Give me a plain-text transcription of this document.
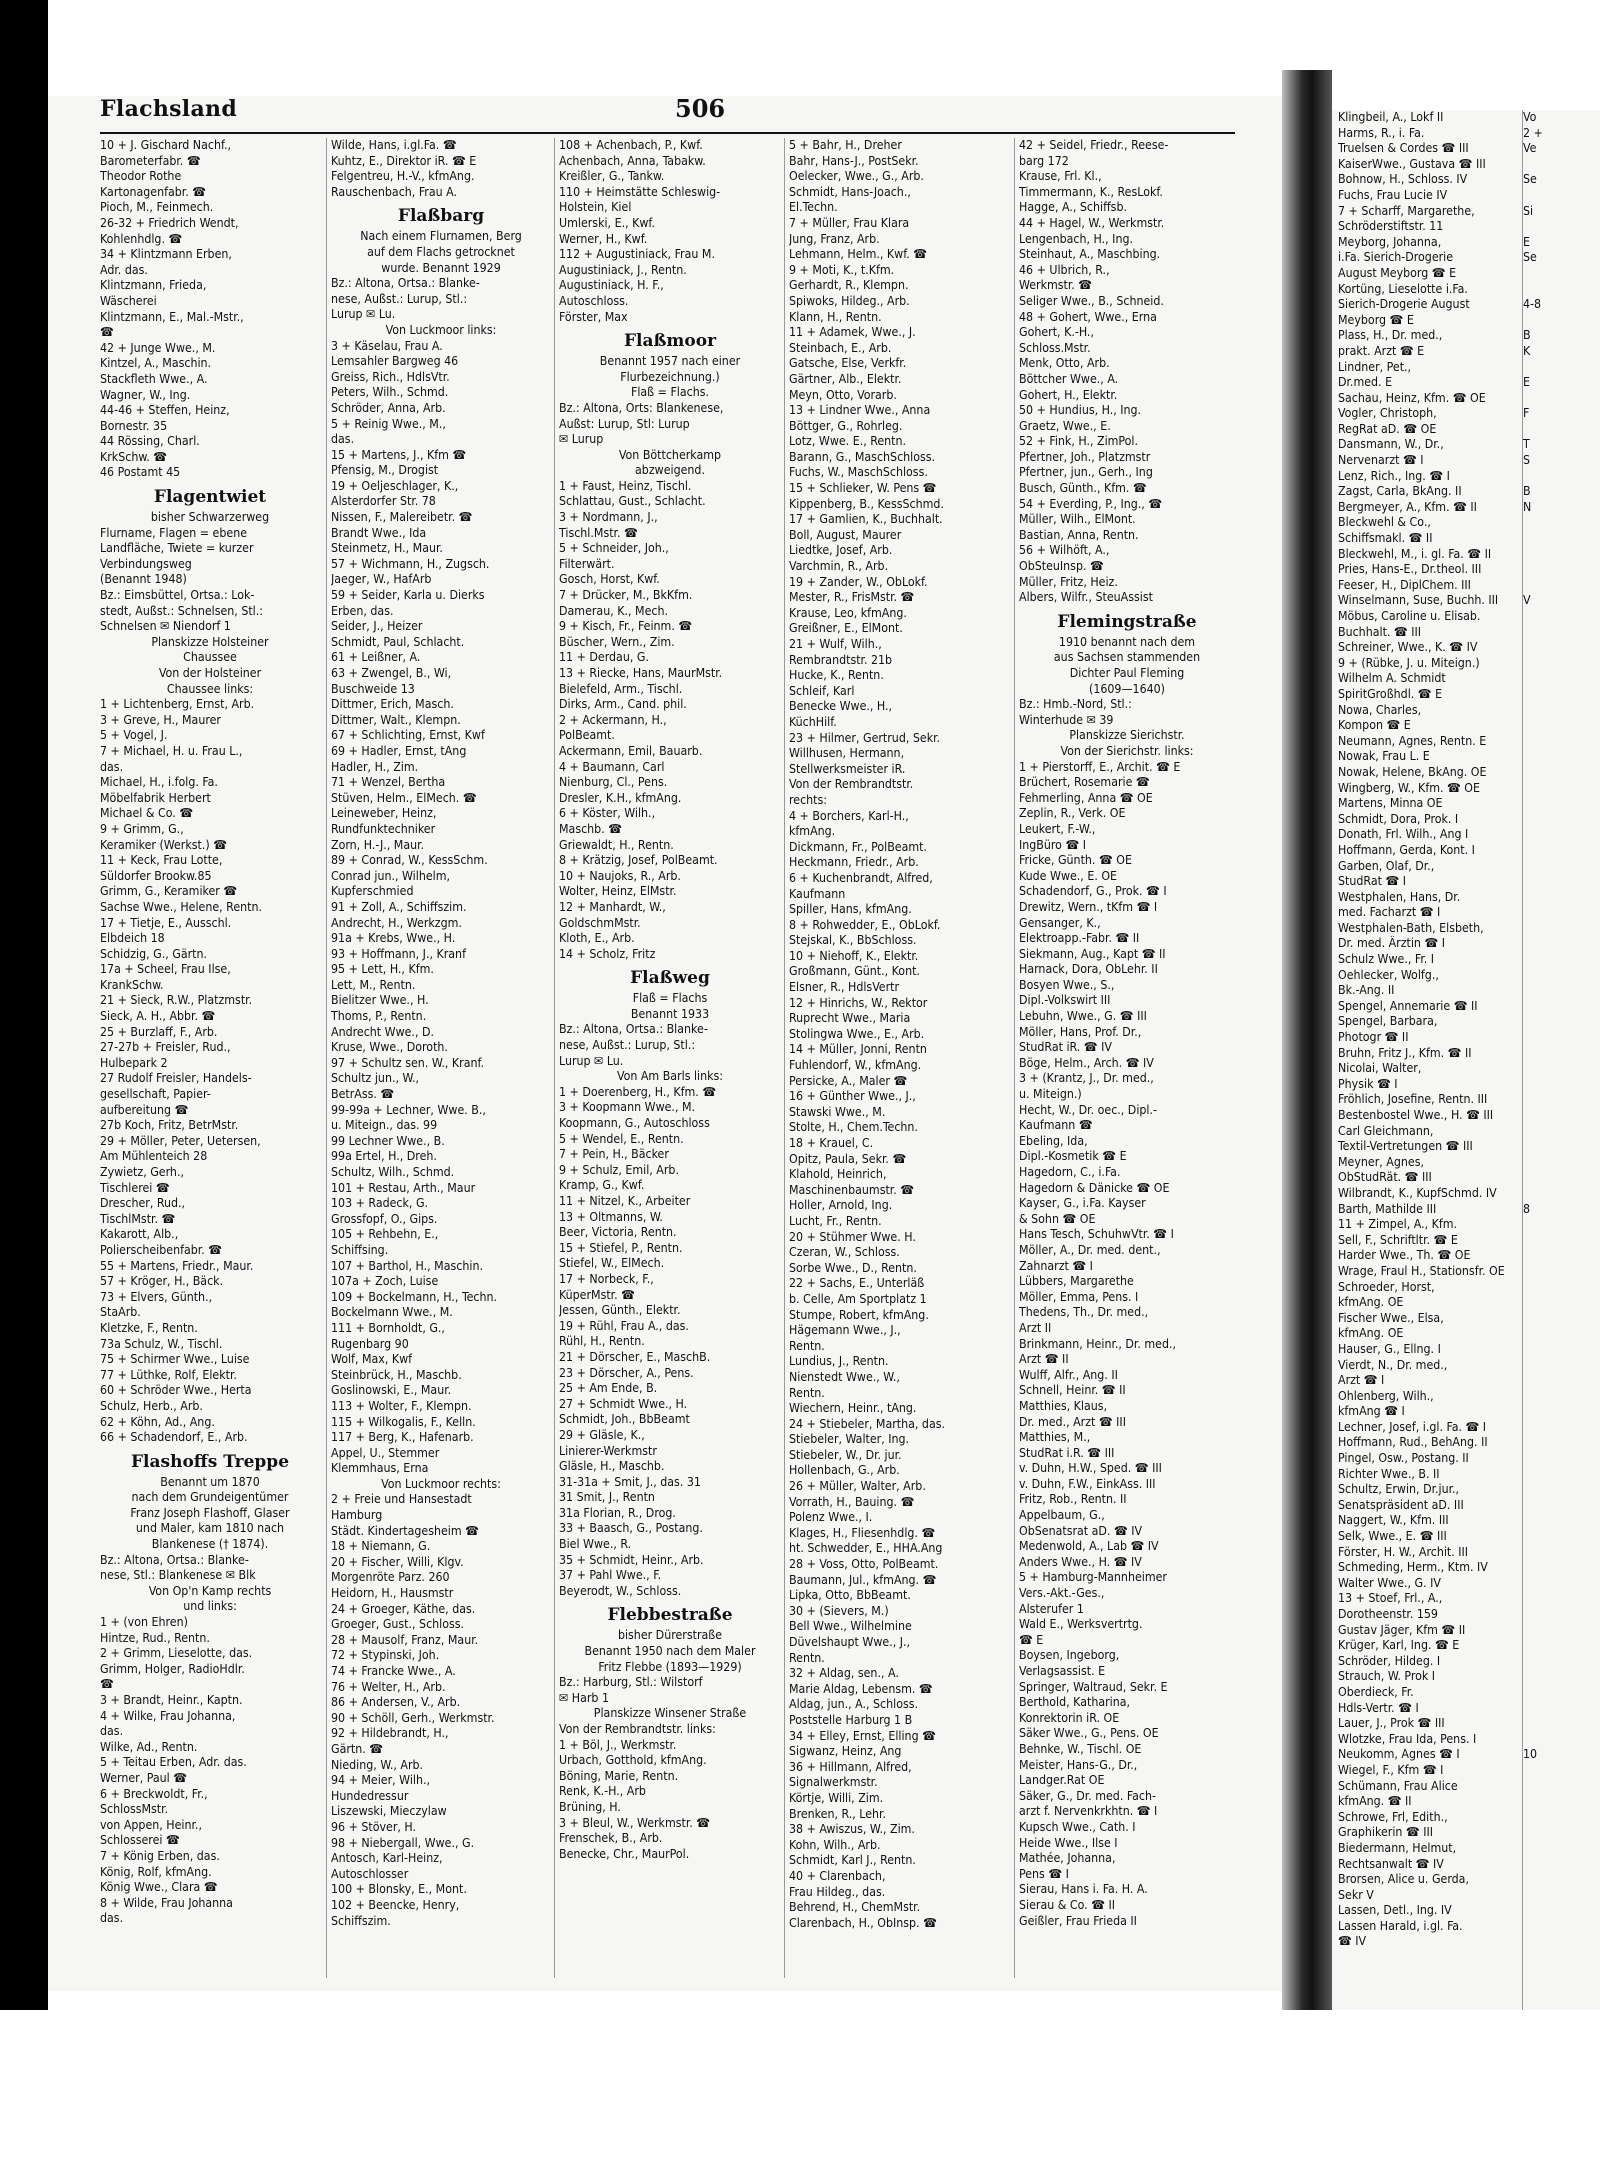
Klingbeil, A., Lokf II
Harms, R., i. Fa.
Truelsen & Cordes ☎ III
KaiserWwe., Gustava ☎ III
Bohnow, H., Schloss. IV
Fuchs, Frau Lucie IV
7 + Scharff, Margarethe,
Schröderstiftstr. 11
Meyborg, Johanna,
i.Fa. Sierich-Drogerie
August Meyborg ☎ E
Kortüng, Lieselotte i.Fa.
Sierich-Drogerie August
Meyborg ☎ E
Plass, H., Dr. med.,
prakt. Arzt ☎ E
Lindner, Pet.,
Dr.med. E
Sachau, Heinz, Kfm. ☎ OE
Vogler, Christoph,
RegRat aD. ☎ OE
Dansmann, W., Dr.,
Nervenarzt ☎ I
Lenz, Rich., Ing. ☎ I
Zagst, Carla, BkAng. II
Bergmeyer, A., Kfm. ☎ II
Bleckwehl & Co.,
Schiffsmakl. ☎ II
Bleckwehl, M., i. gl. Fa. ☎ II
Pries, Hans-E., Dr.theol. III
Feeser, H., DiplChem. III
Winselmann, Suse, Buchh. III
Möbus, Caroline u. Elisab.
Buchhalt. ☎ III
Schreiner, Wwe., K. ☎ IV
9 + (Rübke, J. u. Miteign.)
Wilhelm A. Schmidt
SpiritGroßhdl. ☎ E
Nowa, Charles,
Kompon ☎ E
Neumann, Agnes, Rentn. E
Nowak, Frau L. E
Nowak, Helene, BkAng. OE
Wingberg, W., Kfm. ☎ OE
Martens, Minna OE
Schmidt, Dora, Prok. I
Donath, Frl. Wilh., Ang I
Hoffmann, Gerda, Kont. I
Garben, Olaf, Dr.,
StudRat ☎ I
Westphalen, Hans, Dr.
med. Facharzt ☎ I
Westphalen-Bath, Elsbeth,
Dr. med. Ärztin ☎ I
Schulz Wwe., Fr. I
Oehlecker, Wolfg.,
Bk.-Ang. II
Spengel, Annemarie ☎ II
Spengel, Barbara,
Photogr ☎ II
Bruhn, Fritz J., Kfm. ☎ II
Nicolai, Walter,
Physik ☎ I
Fröhlich, Josefine, Rentn. III
Bestenbostel Wwe., H. ☎ III
Carl Gleichmann,
Textil-Vertretungen ☎ III
Meyner, Agnes,
ObStudRät. ☎ III
Wilbrandt, K., KupfSchmd. IV
Barth, Mathilde III
11 + Zimpel, A., Kfm.
Sell, F., Schriftltr. ☎ E
Harder Wwe., Th. ☎ OE
Wrage, Fraul H., Stationsfr. OE
Schroeder, Horst,
kfmAng. OE
Fischer Wwe., Elsa,
kfmAng. OE
Hauser, G., Ellng. I
Vierdt, N., Dr. med.,
Arzt ☎ I
Ohlenberg, Wilh.,
kfmAng ☎ I
Lechner, Josef, i.gl. Fa. ☎ I
Hoffmann, Rud., BehAng. II
Pingel, Osw., Postang. II
Richter Wwe., B. II
Schultz, Erwin, Dr.jur.,
Senatspräsident aD. III
Naggert, W., Kfm. III
Selk, Wwe., E. ☎ III
Förster, H. W., Archit. III
Schmeding, Herm., Ktm. IV
Walter Wwe., G. IV
13 + Stoef, Frl., A.,
Dorotheenstr. 159
Gustav Jäger, Kfm ☎ II
Krüger, Karl, Ing. ☎ E
Schröder, Hildeg. I
Strauch, W. Prok I
Oberdieck, Fr.
Hdls-Vertr. ☎ I
Lauer, J., Prok ☎ III
Wlotzke, Frau Ida, Pens. I
Neukomm, Agnes ☎ I
Wiegel, F., Kfm ☎ I
Schümann, Frau Alice
kfmAng. ☎ II
Schrowe, Frl, Edith.,
Graphikerin ☎ III
Biedermann, Helmut,
Rechtsanwalt ☎ IV
Brorsen, Alice u. Gerda,
Sekr V
Lassen, Detl., Ing. IV
Lassen Harald, i.gl. Fa.
☎ IV
Vo
2 +
Ve

Se

Si

E
Se

4-8

B
K

E

F

T
S

B
N

V

8

10

Flachsland	506
10 + J. Gischard Nachf.,
Barometerfabr. ☎
Theodor Rothe
Kartonagenfabr. ☎
Pioch, M., Feinmech.
26-32 + Friedrich Wendt,
Kohlenhdlg. ☎
34 + Klintzmann Erben,
Adr. das.
Klintzmann, Frieda,
Wäscherei
Klintzmann, E., Mal.-Mstr.,
☎
42 + Junge Wwe., M.
Kintzel, A., Maschin.
Stackfleth Wwe., A.
Wagner, W., Ing.
44-46 + Steffen, Heinz,
Bornestr. 35
44 Rössing, Charl.
KrkSchw. ☎
46 Postamt 45
Flagentwiet
bisher Schwarzerweg
Flurname, Flagen = ebene
Landfläche, Twiete = kurzer
Verbindungsweg
(Benannt 1948)
Bz.: Eimsbüttel, Ortsa.: Lok-
stedt, Außst.: Schnelsen, Stl.:
Schnelsen ✉ Niendorf 1
Planskizze Holsteiner
Chaussee
Von der Holsteiner
Chaussee links:
1 + Lichtenberg, Ernst, Arb.
3 + Greve, H., Maurer
5 + Vogel, J.
7 + Michael, H. u. Frau L.,
das.
Michael, H., i.folg. Fa.
Möbelfabrik Herbert
Michael & Co. ☎
9 + Grimm, G.,
Keramiker (Werkst.) ☎
11 + Keck, Frau Lotte,
Süldorfer Brookw.85
Grimm, G., Keramiker ☎
Sachse Wwe., Helene, Rentn.
17 + Tietje, E., Ausschl.
Elbdeich 18
Schidzig, G., Gärtn.
17a + Scheel, Frau Ilse,
KrankSchw.
21 + Sieck, R.W., Platzmstr.
Sieck, A. H., Abbr. ☎
25 + Burzlaff, F., Arb.
27-27b + Freisler, Rud.,
Hulbepark 2
27 Rudolf Freisler, Handels-
gesellschaft, Papier-
aufbereitung ☎
27b Koch, Fritz, BetrMstr.
29 + Möller, Peter, Uetersen,
Am Mühlenteich 28
Zywietz, Gerh.,
Tischlerei ☎
Drescher, Rud.,
TischlMstr. ☎
Kakarott, Alb.,
Polierscheibenfabr. ☎
55 + Martens, Friedr., Maur.
57 + Kröger, H., Bäck.
73 + Elvers, Günth.,
StaArb.
Kletzke, F., Rentn.
73a Schulz, W., Tischl.
75 + Schirmer Wwe., Luise
77 + Lüthke, Rolf, Elektr.
60 + Schröder Wwe., Herta
Schulz, Herb., Arb.
62 + Köhn, Ad., Ang.
66 + Schadendorf, E., Arb.
Flashoffs Treppe
Benannt um 1870
nach dem Grundeigentümer
Franz Joseph Flashoff, Glaser
und Maler, kam 1810 nach
Blankenese († 1874).
Bz.: Altona, Ortsa.: Blanke-
nese, Stl.: Blankenese ✉ Blk
Von Op'n Kamp rechts
und links:
1 + (von Ehren)
Hintze, Rud., Rentn.
2 + Grimm, Lieselotte, das.
Grimm, Holger, RadioHdlr.
☎
3 + Brandt, Heinr., Kaptn.
4 + Wilke, Frau Johanna,
das.
Wilke, Ad., Rentn.
5 + Teitau Erben, Adr. das.
Werner, Paul ☎
6 + Breckwoldt, Fr.,
SchlossMstr.
von Appen, Heinr.,
Schlosserei ☎
7 + König Erben, das.
König, Rolf, kfmAng.
König Wwe., Clara ☎
8 + Wilde, Frau Johanna
das.
Wilde, Hans, i.gl.Fa. ☎
Kuhtz, E., Direktor iR. ☎ E
Felgentreu, H.-V., kfmAng.
Rauschenbach, Frau A.
Flaßbarg
Nach einem Flurnamen, Berg
auf dem Flachs getrocknet
wurde. Benannt 1929
Bz.: Altona, Ortsa.: Blanke-
nese, Außst.: Lurup, Stl.:
Lurup ✉ Lu.
Von Luckmoor links:
3 + Käselau, Frau A.
Lemsahler Bargweg 46
Greiss, Rich., HdlsVtr.
Peters, Wilh., Schmd.
Schröder, Anna, Arb.
5 + Reinig Wwe., M.,
das.
15 + Martens, J., Kfm ☎
Pfensig, M., Drogist
19 + Oeljeschlager, K.,
Alsterdorfer Str. 78
Nissen, F., Malereibetr. ☎
Brandt Wwe., Ida
Steinmetz, H., Maur.
57 + Wichmann, H., Zugsch.
Jaeger, W., HafArb
59 + Seider, Karla u. Dierks
Erben, das.
Seider, J., Heizer
Schmidt, Paul, Schlacht.
61 + Leißner, A.
63 + Zwengel, B., Wi,
Buschweide 13
Dittmer, Erich, Masch.
Dittmer, Walt., Klempn.
67 + Schlichting, Ernst, Kwf
69 + Hadler, Ernst, tAng
Hadler, H., Zim.
71 + Wenzel, Bertha
Stüven, Helm., ElMech. ☎
Leineweber, Heinz,
Rundfunktechniker
Zorn, H.-J., Maur.
89 + Conrad, W., KessSchm.
Conrad jun., Wilhelm,
Kupferschmied
91 + Zoll, A., Schiffszim.
Andrecht, H., Werkzgm.
91a + Krebs, Wwe., H.
93 + Hoffmann, J., Kranf
95 + Lett, H., Kfm.
Lett, M., Rentn.
Bielitzer Wwe., H.
Thoms, P., Rentn.
Andrecht Wwe., D.
Kruse, Wwe., Doroth.
97 + Schultz sen. W., Kranf.
Schultz jun., W.,
BetrAss. ☎
99-99a + Lechner, Wwe. B.,
u. Miteign., das. 99
99 Lechner Wwe., B.
99a Ertel, H., Dreh.
Schultz, Wilh., Schmd.
101 + Restau, Arth., Maur
103 + Radeck, G.
Grossfopf, O., Gips.
105 + Rehbehn, E.,
Schiffsing.
107 + Barthol, H., Maschin.
107a + Zoch, Luise
109 + Bockelmann, H., Techn.
Bockelmann Wwe., M.
111 + Bornholdt, G.,
Rugenbarg 90
Wolf, Max, Kwf
Steinbrück, H., Maschb.
Goslinowski, E., Maur.
113 + Wolter, F., Klempn.
115 + Wilkogalis, F., Kelln.
117 + Berg, K., Hafenarb.
Appel, U., Stemmer
Klemmhaus, Erna
Von Luckmoor rechts:
2 + Freie und Hansestadt
Hamburg
Städt. Kindertagesheim ☎
18 + Niemann, G.
20 + Fischer, Willi, Klgv.
Morgenröte Parz. 260
Heidorn, H., Hausmstr
24 + Groeger, Käthe, das.
Groeger, Gust., Schloss.
28 + Mausolf, Franz, Maur.
72 + Stypinski, Joh.
74 + Francke Wwe., A.
76 + Welter, H., Arb.
86 + Andersen, V., Arb.
90 + Schöll, Gerh., Werkmstr.
92 + Hildebrandt, H.,
Gärtn. ☎
Nieding, W., Arb.
94 + Meier, Wilh.,
Hundedressur
Liszewski, Mieczylaw
96 + Stöver, H.
98 + Niebergall, Wwe., G.
Antosch, Karl-Heinz,
Autoschlosser
100 + Blonsky, E., Mont.
102 + Beencke, Henry,
Schiffszim.
108 + Achenbach, P., Kwf.
Achenbach, Anna, Tabakw.
Kreißler, G., Tankw.
110 + Heimstätte Schleswig-
Holstein, Kiel
Umlerski, E., Kwf.
Werner, H., Kwf.
112 + Augustiniack, Frau M.
Augustiniack, J., Rentn.
Augustiniack, H. F.,
Autoschloss.
Förster, Max
Flaßmoor
Benannt 1957 nach einer
Flurbezeichnung.)
Flaß = Flachs.
Bz.: Altona, Orts: Blankenese,
Außst: Lurup, Stl: Lurup
✉ Lurup
Von Böttcherkamp
abzweigend.
1 + Faust, Heinz, Tischl.
Schlattau, Gust., Schlacht.
3 + Nordmann, J.,
Tischl.Mstr. ☎
5 + Schneider, Joh.,
Filterwärt.
Gosch, Horst, Kwf.
7 + Drücker, M., BkKfm.
Damerau, K., Mech.
9 + Kisch, Fr., Feinm. ☎
Büscher, Wern., Zim.
11 + Derdau, G.
13 + Riecke, Hans, MaurMstr.
Bielefeld, Arm., Tischl.
Dirks, Arm., Cand. phil.
2 + Ackermann, H.,
PolBeamt.
Ackermann, Emil, Bauarb.
4 + Baumann, Carl
Nienburg, Cl., Pens.
Dresler, K.H., kfmAng.
6 + Köster, Wilh.,
Maschb. ☎
Griewaldt, H., Rentn.
8 + Krätzig, Josef, PolBeamt.
10 + Naujoks, R., Arb.
Wolter, Heinz, ElMstr.
12 + Manhardt, W.,
GoldschmMstr.
Kloth, E., Arb.
14 + Scholz, Fritz
Flaßweg
Flaß = Flachs
Benannt 1933
Bz.: Altona, Ortsa.: Blanke-
nese, Außst.: Lurup, Stl.:
Lurup ✉ Lu.
Von Am Barls links:
1 + Doerenberg, H., Kfm. ☎
3 + Koopmann Wwe., M.
Koopmann, G., Autoschloss
5 + Wendel, E., Rentn.
7 + Pein, H., Bäcker
9 + Schulz, Emil, Arb.
Kramp, G., Kwf.
11 + Nitzel, K., Arbeiter
13 + Oltmanns, W.
Beer, Victoria, Rentn.
15 + Stiefel, P., Rentn.
Stiefel, W., ElMech.
17 + Norbeck, F.,
KüperMstr. ☎
Jessen, Günth., Elektr.
19 + Rühl, Frau A., das.
Rühl, H., Rentn.
21 + Dörscher, E., MaschB.
23 + Dörscher, A., Pens.
25 + Am Ende, B.
27 + Schmidt Wwe., H.
Schmidt, Joh., BbBeamt
29 + Gläsle, K.,
Linierer-Werkmstr
Gläsle, H., Maschb.
31-31a + Smit, J., das. 31
31 Smit, J., Rentn
31a Florian, R., Drog.
33 + Baasch, G., Postang.
Biel Wwe., R.
35 + Schmidt, Heinr., Arb.
37 + Pahl Wwe., F.
Beyerodt, W., Schloss.
Flebbestraße
bisher Dürerstraße
Benannt 1950 nach dem Maler
Fritz Flebbe (1893—1929)
Bz.: Harburg, Stl.: Wilstorf
✉ Harb 1
Planskizze Winsener Straße
Von der Rembrandtstr. links:
1 + Böl, J., Werkmstr.
Urbach, Gotthold, kfmAng.
Böning, Marie, Rentn.
Renk, K.-H., Arb
Brüning, H.
3 + Bleul, W., Werkmstr. ☎
Frenschek, B., Arb.
Benecke, Chr., MaurPol.
5 + Bahr, H., Dreher
Bahr, Hans-J., PostSekr.
Oelecker, Wwe., G., Arb.
Schmidt, Hans-Joach.,
El.Techn.
7 + Müller, Frau Klara
Jung, Franz, Arb.
Lehmann, Helm., Kwf. ☎
9 + Moti, K., t.Kfm.
Gerhardt, R., Klempn.
Spiwoks, Hildeg., Arb.
Klann, H., Rentn.
11 + Adamek, Wwe., J.
Steinbach, E., Arb.
Gatsche, Else, Verkfr.
Gärtner, Alb., Elektr.
Meyn, Otto, Vorarb.
13 + Lindner Wwe., Anna
Böttger, G., Rohrleg.
Lotz, Wwe. E., Rentn.
Barann, G., MaschSchloss.
Fuchs, W., MaschSchloss.
15 + Schlieker, W. Pens ☎
Kippenberg, B., KessSchmd.
17 + Gamlien, K., Buchhalt.
Boll, August, Maurer
Liedtke, Josef, Arb.
Varchmin, R., Arb.
19 + Zander, W., ObLokf.
Mester, R., FrisMstr. ☎
Krause, Leo, kfmAng.
Greißner, E., ElMont.
21 + Wulf, Wilh.,
Rembrandtstr. 21b
Hucke, K., Rentn.
Schleif, Karl
Benecke Wwe., H.,
KüchHilf.
23 + Hilmer, Gertrud, Sekr.
Willhusen, Hermann,
Stellwerksmeister iR.
Von der Rembrandtstr.
rechts:
4 + Borchers, Karl-H.,
kfmAng.
Dickmann, Fr., PolBeamt.
Heckmann, Friedr., Arb.
6 + Kuchenbrandt, Alfred,
Kaufmann
Spiller, Hans, kfmAng.
8 + Rohwedder, E., ObLokf.
Stejskal, K., BbSchloss.
10 + Niehoff, K., Elektr.
Großmann, Günt., Kont.
Elsner, R., HdlsVertr
12 + Hinrichs, W., Rektor
Ruprecht Wwe., Maria
Stolingwa Wwe., E., Arb.
14 + Müller, Jonni, Rentn
Fuhlendorf, W., kfmAng.
Persicke, A., Maler ☎
16 + Günther Wwe., J.,
Stawski Wwe., M.
Stolte, H., Chem.Techn.
18 + Krauel, C.
Opitz, Paula, Sekr. ☎
Klahold, Heinrich,
Maschinenbaumstr. ☎
Holler, Arnold, Ing.
Lucht, Fr., Rentn.
20 + Stühmer Wwe. H.
Czeran, W., Schloss.
Sorbe Wwe., D., Rentn.
22 + Sachs, E., Unterläß
b. Celle, Am Sportplatz 1
Stumpe, Robert, kfmAng.
Hägemann Wwe., J.,
Rentn.
Lundius, J., Rentn.
Nienstedt Wwe., W.,
Rentn.
Wiechern, Heinr., tAng.
24 + Stiebeler, Martha, das.
Stiebeler, Walter, Ing.
Stiebeler, W., Dr. jur.
Hollenbach, G., Arb.
26 + Müller, Walter, Arb.
Vorrath, H., Bauing. ☎
Polenz Wwe., I.
Klages, H., Fliesenhdlg. ☎
ht. Schwedder, E., HHA.Ang
28 + Voss, Otto, PolBeamt.
Baumann, Jul., kfmAng. ☎
Lipka, Otto, BbBeamt.
30 + (Sievers, M.)
Bell Wwe., Wilhelmine
Düvelshaupt Wwe., J.,
Rentn.
32 + Aldag, sen., A.
Marie Aldag, Lebensm. ☎
Aldag, jun., A., Schloss.
Poststelle Harburg 1 B
34 + Elley, Ernst, Elling ☎
Sigwanz, Heinz, Ang
36 + Hillmann, Alfred,
Signalwerkmstr.
Körtje, Willi, Zim.
Brenken, R., Lehr.
38 + Awiszus, W., Zim.
Kohn, Wilh., Arb.
Schmidt, Karl J., Rentn.
40 + Clarenbach,
Frau Hildeg., das.
Behrend, H., ChemMstr.
Clarenbach, H., ObInsp. ☎
42 + Seidel, Friedr., Reese-
barg 172
Krause, Frl. Kl.,
Timmermann, K., ResLokf.
Hagge, A., Schiffsb.
44 + Hagel, W., Werkmstr.
Lengenbach, H., Ing.
Steinhaut, A., Maschbing.
46 + Ulbrich, R.,
Werkmstr. ☎
Seliger Wwe., B., Schneid.
48 + Gohert, Wwe., Erna
Gohert, K.-H.,
Schloss.Mstr.
Menk, Otto, Arb.
Böttcher Wwe., A.
Gohert, H., Elektr.
50 + Hundius, H., Ing.
Graetz, Wwe., E.
52 + Fink, H., ZimPol.
Pfertner, Joh., Platzmstr
Pfertner, jun., Gerh., Ing
Busch, Günth., Kfm. ☎
54 + Everding, P., Ing., ☎
Müller, Wilh., ElMont.
Bastian, Anna, Rentn.
56 + Wilhöft, A.,
ObSteuInsp. ☎
Müller, Fritz, Heiz.
Albers, Wilfr., SteuAssist
Flemingstraße
1910 benannt nach dem
aus Sachsen stammenden
Dichter Paul Fleming
(1609—1640)
Bz.: Hmb.-Nord, Stl.:
Winterhude ✉ 39
Planskizze Sierichstr.
Von der Sierichstr. links:
1 + Pierstorff, E., Archit. ☎ E
Brüchert, Rosemarie ☎
Fehmerling, Anna ☎ OE
Zeplin, R., Verk. OE
Leukert, F.-W.,
IngBüro ☎ I
Fricke, Günth. ☎ OE
Kude Wwe., E. OE
Schadendorf, G., Prok. ☎ I
Drewitz, Wern., tKfm ☎ I
Gensanger, K.,
Elektroapp.-Fabr. ☎ II
Siekmann, Aug., Kapt ☎ II
Harnack, Dora, ObLehr. II
Bosyen Wwe., S.,
Dipl.-Volkswirt III
Lebuhn, Wwe., G. ☎ III
Möller, Hans, Prof. Dr.,
StudRat iR. ☎ IV
Böge, Helm., Arch. ☎ IV
3 + (Krantz, J., Dr. med.,
u. Miteign.)
Hecht, W., Dr. oec., Dipl.-
Kaufmann ☎
Ebeling, Ida,
Dipl.-Kosmetik ☎ E
Hagedorn, C., i.Fa.
Hagedorn & Dänicke ☎ OE
Kayser, G., i.Fa. Kayser
& Sohn ☎ OE
Hans Tesch, SchuhwVtr. ☎ I
Möller, A., Dr. med. dent.,
Zahnarzt ☎ I
Lübbers, Margarethe
Möller, Emma, Pens. I
Thedens, Th., Dr. med.,
Arzt II
Brinkmann, Heinr., Dr. med.,
Arzt ☎ II
Wulff, Alfr., Ang. II
Schnell, Heinr. ☎ II
Matthies, Klaus,
Dr. med., Arzt ☎ III
Matthies, M.,
StudRat i.R. ☎ III
v. Duhn, H.W., Sped. ☎ III
v. Duhn, F.W., EinkAss. III
Fritz, Rob., Rentn. II
Appelbaum, G.,
ObSenatsrat aD. ☎ IV
Medenwold, A., Lab ☎ IV
Anders Wwe., H. ☎ IV
5 + Hamburg-Mannheimer
Vers.-Akt.-Ges.,
Alsterufer 1
Wald E., Werksvertrtg.
☎ E
Boysen, Ingeborg,
Verlagsassist. E
Springer, Waltraud, Sekr. E
Berthold, Katharina,
Konrektorin iR. OE
Säker Wwe., G., Pens. OE
Behnke, W., Tischl. OE
Meister, Hans-G., Dr.,
Landger.Rat OE
Säker, G., Dr. med. Fach-
arzt f. Nervenkrkhtn. ☎ I
Kupsch Wwe., Cath. I
Heide Wwe., Ilse I
Mathée, Johanna,
Pens ☎ I
Sierau, Hans i. Fa. H. A.
Sierau & Co. ☎ II
Geißler, Frau Frieda II
